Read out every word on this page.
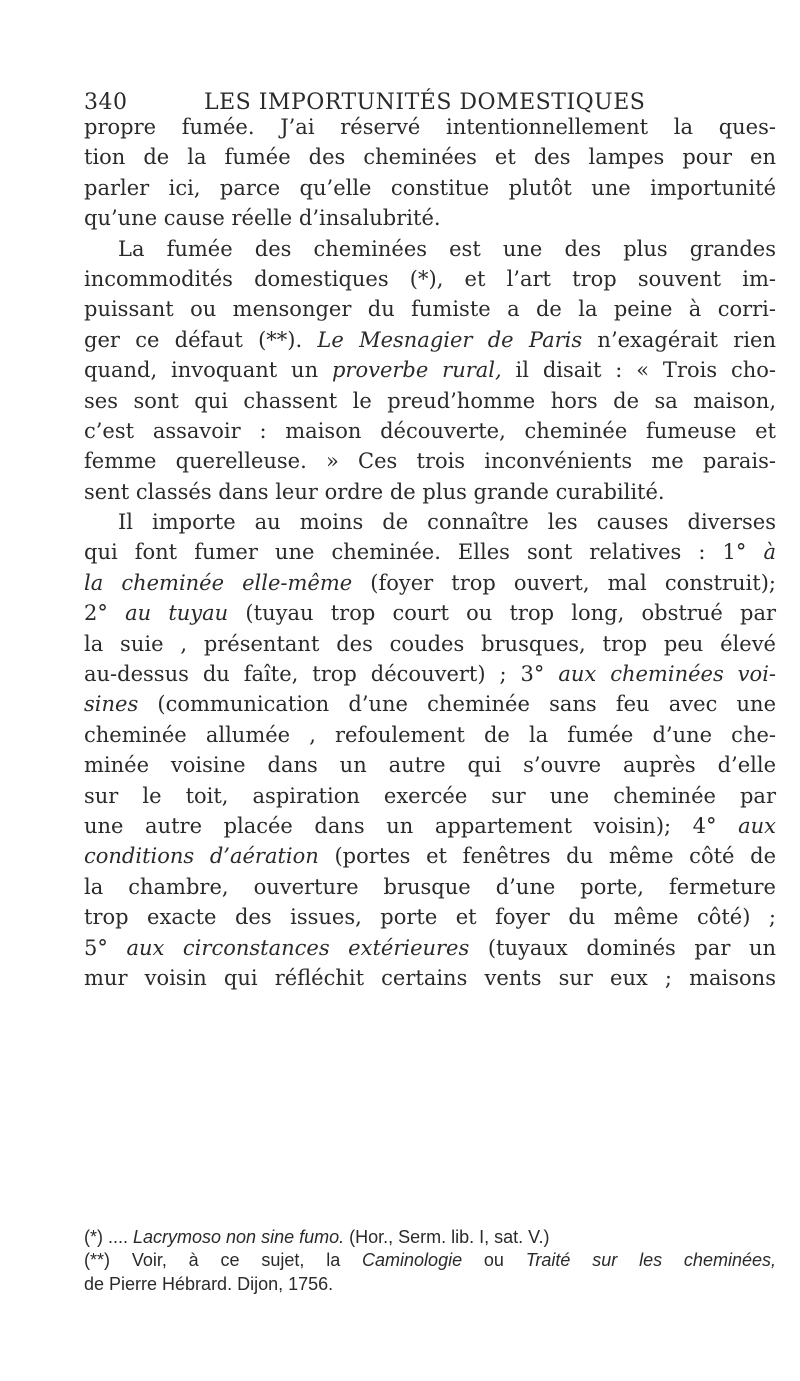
340	LES IMPORTUNITÉS DOMESTIQUES
propre fumée. J’ai réservé intentionnellement la ques-
tion de la fumée des cheminées et des lampes pour en
parler ici, parce qu’elle constitue plutôt une importunité
qu’une cause réelle d’insalubrité.
La fumée des cheminées est une des plus grandes
incommodités domestiques (*), et l’art trop souvent im-
puissant ou mensonger du fumiste a de la peine à corri-
ger ce défaut (**). Le Mesnagier de Paris n’exagérait rien
quand, invoquant un proverbe rural, il disait : « Trois cho-
ses sont qui chassent le preud’homme hors de sa maison,
c’est assavoir : maison découverte, cheminée fumeuse et
femme querelleuse. » Ces trois inconvénients me parais-
sent classés dans leur ordre de plus grande curabilité.
Il importe au moins de connaître les causes diverses
qui font fumer une cheminée. Elles sont relatives : 1° à
la cheminée elle-même (foyer trop ouvert, mal construit);
2° au tuyau (tuyau trop court ou trop long, obstrué par
la suie , présentant des coudes brusques, trop peu élevé
au-dessus du faîte, trop découvert) ; 3° aux cheminées voi-
sines (communication d’une cheminée sans feu avec une
cheminée allumée , refoulement de la fumée d’une che-
minée voisine dans un autre qui s’ouvre auprès d’elle
sur le toit, aspiration exercée sur une cheminée par
une autre placée dans un appartement voisin); 4° aux
conditions d’aération (portes et fenêtres du même côté de
la chambre, ouverture brusque d’une porte, fermeture
trop exacte des issues, porte et foyer du même côté) ;
5° aux circonstances extérieures (tuyaux dominés par un
mur voisin qui réfléchit certains vents sur eux ; maisons
(*) .... Lacrymoso non sine fumo. (Hor., Serm. lib. I, sat. V.)
(**) Voir, à ce sujet, la Caminologie ou Traité sur les cheminées,
de Pierre Hébrard. Dijon, 1756.
